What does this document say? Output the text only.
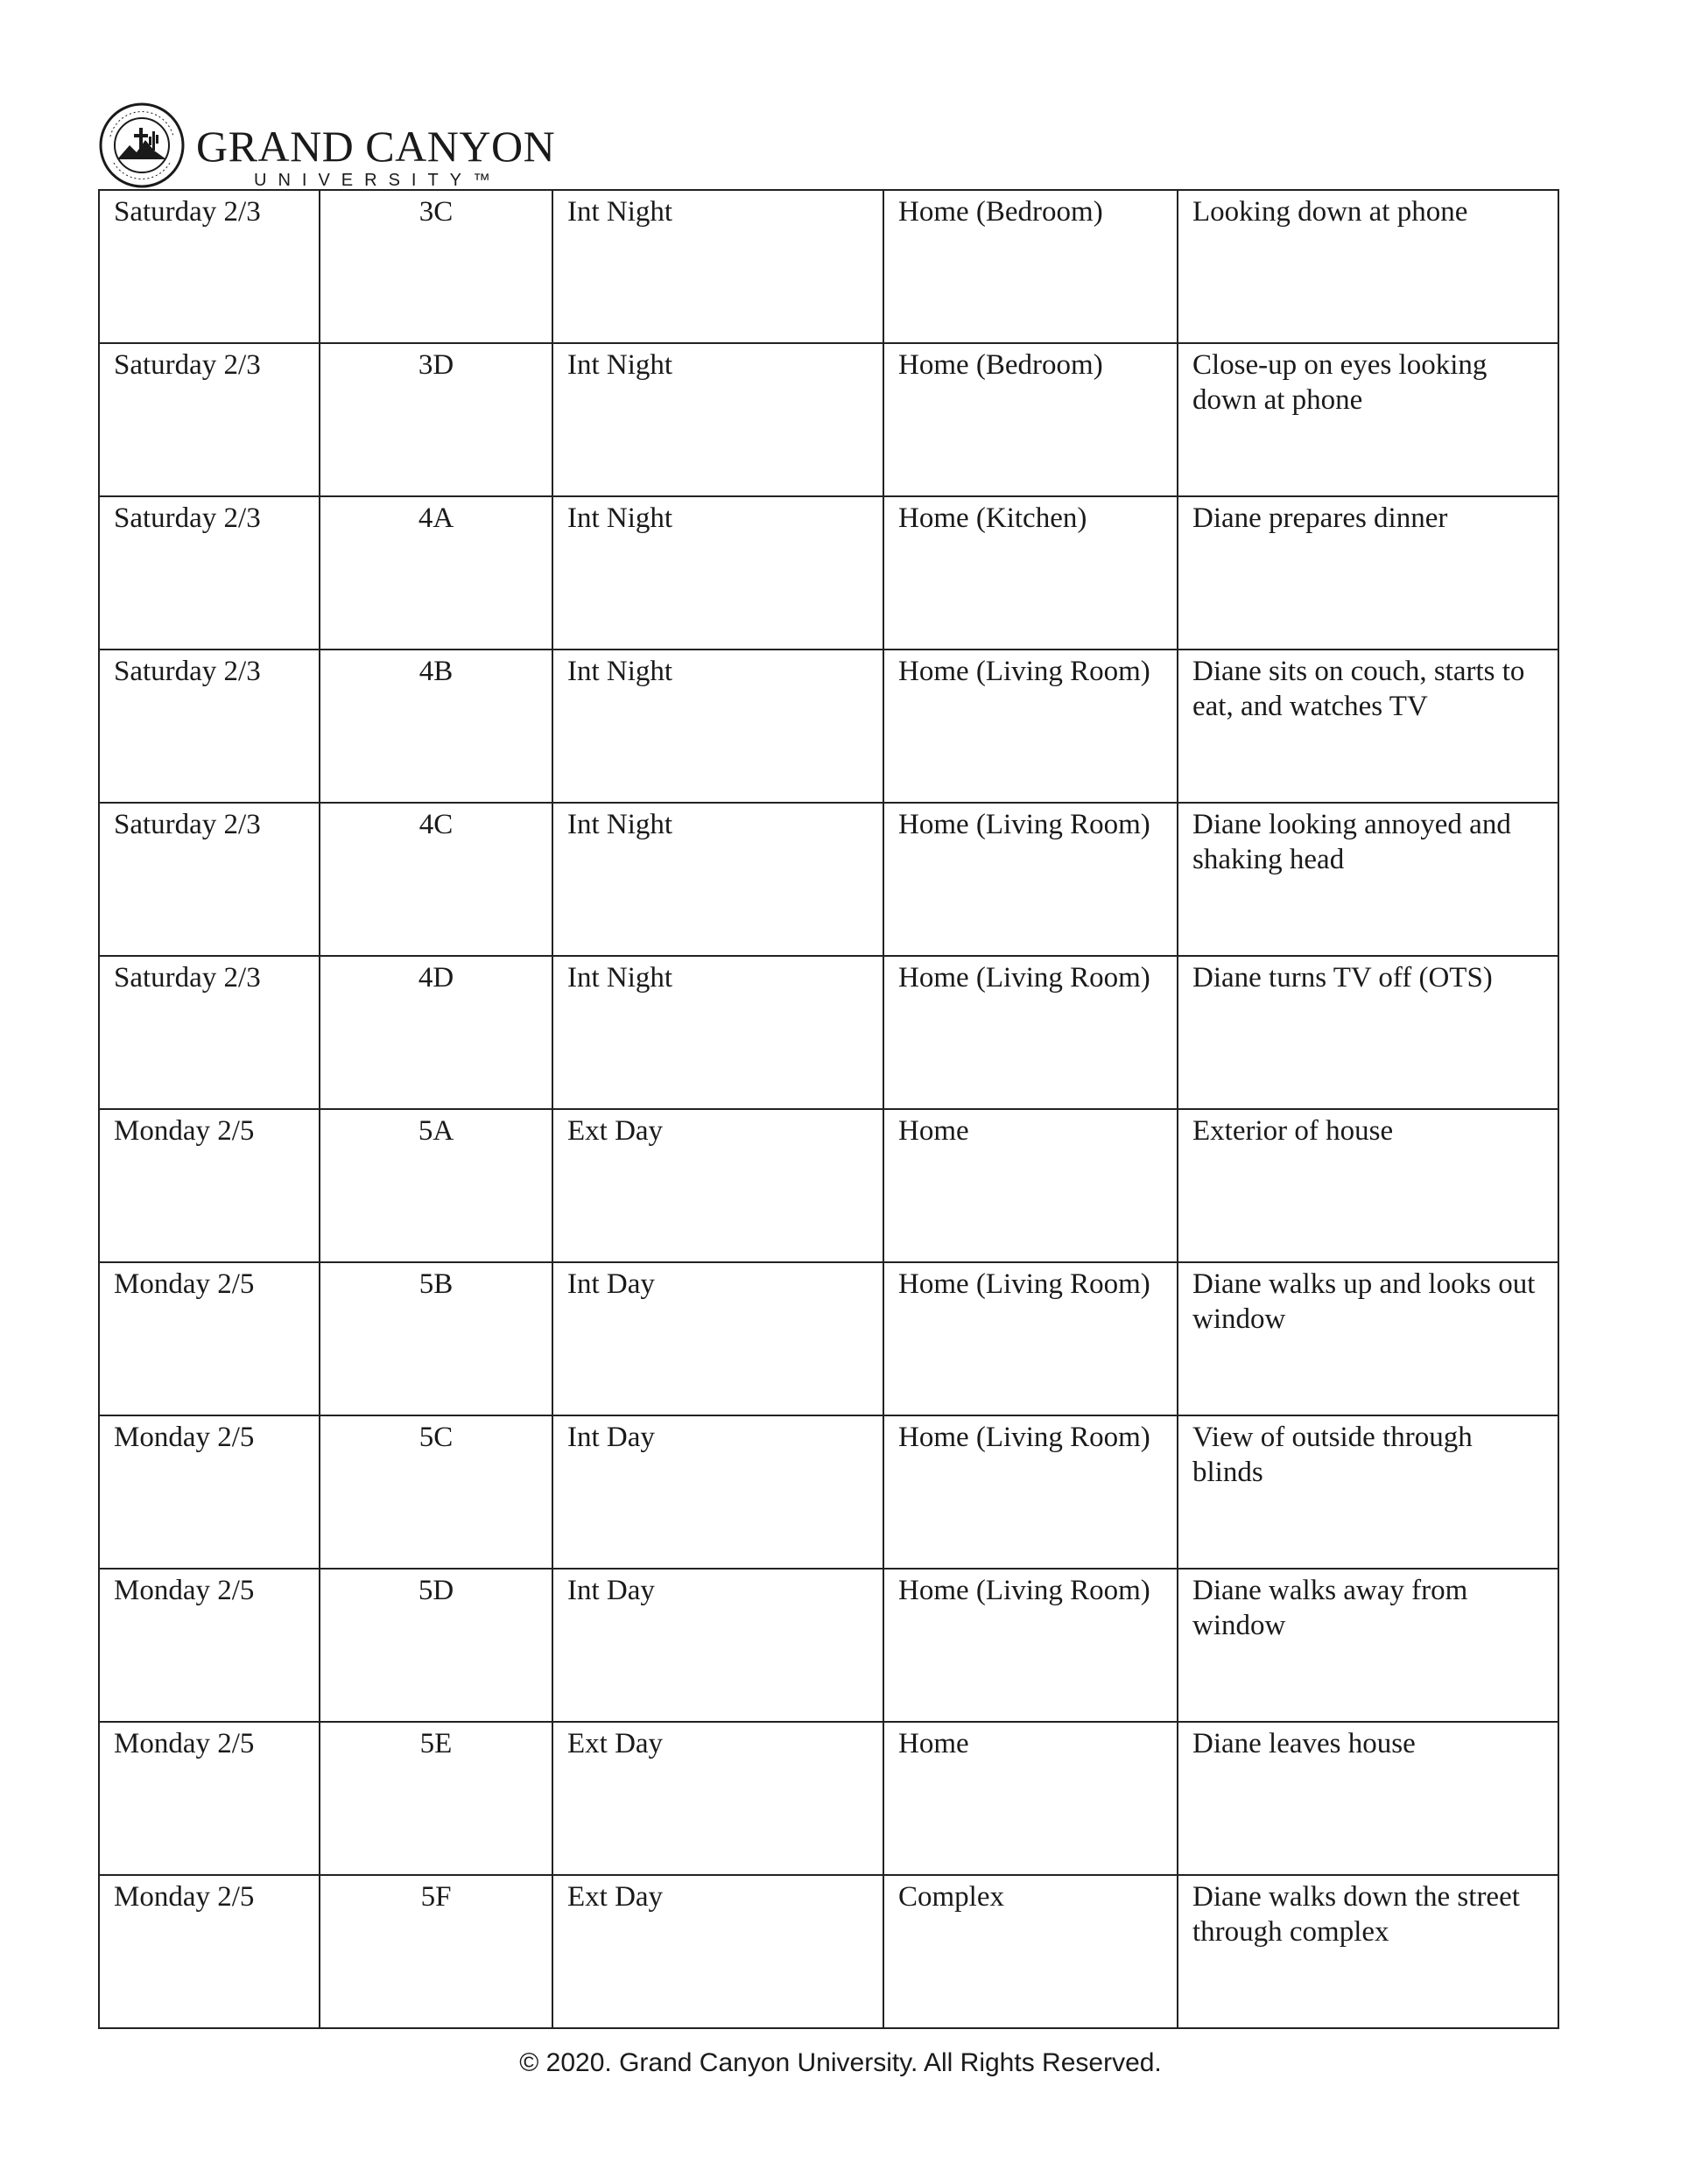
GRAND CANYON
UNIVERSITY™
Saturday 2/3	3C	Int Night	Home (Bedroom)	Looking down at phone
Saturday 2/3	3D	Int Night	Home (Bedroom)	Close-up on eyes looking down at phone
Saturday 2/3	4A	Int Night	Home (Kitchen)	Diane prepares dinner
Saturday 2/3	4B	Int Night	Home (Living Room)	Diane sits on couch, starts to eat, and watches TV
Saturday 2/3	4C	Int Night	Home (Living Room)	Diane looking annoyed and shaking head
Saturday 2/3	4D	Int Night	Home (Living Room)	Diane turns TV off (OTS)
Monday 2/5	5A	Ext Day	Home	Exterior of house
Monday 2/5	5B	Int Day	Home (Living Room)	Diane walks up and looks out window
Monday 2/5	5C	Int Day	Home (Living Room)	View of outside through blinds
Monday 2/5	5D	Int Day	Home (Living Room)	Diane walks away from window
Monday 2/5	5E	Ext Day	Home	Diane leaves house
Monday 2/5	5F	Ext Day	Complex	Diane walks down the street through complex
© 2020. Grand Canyon University. All Rights Reserved.
